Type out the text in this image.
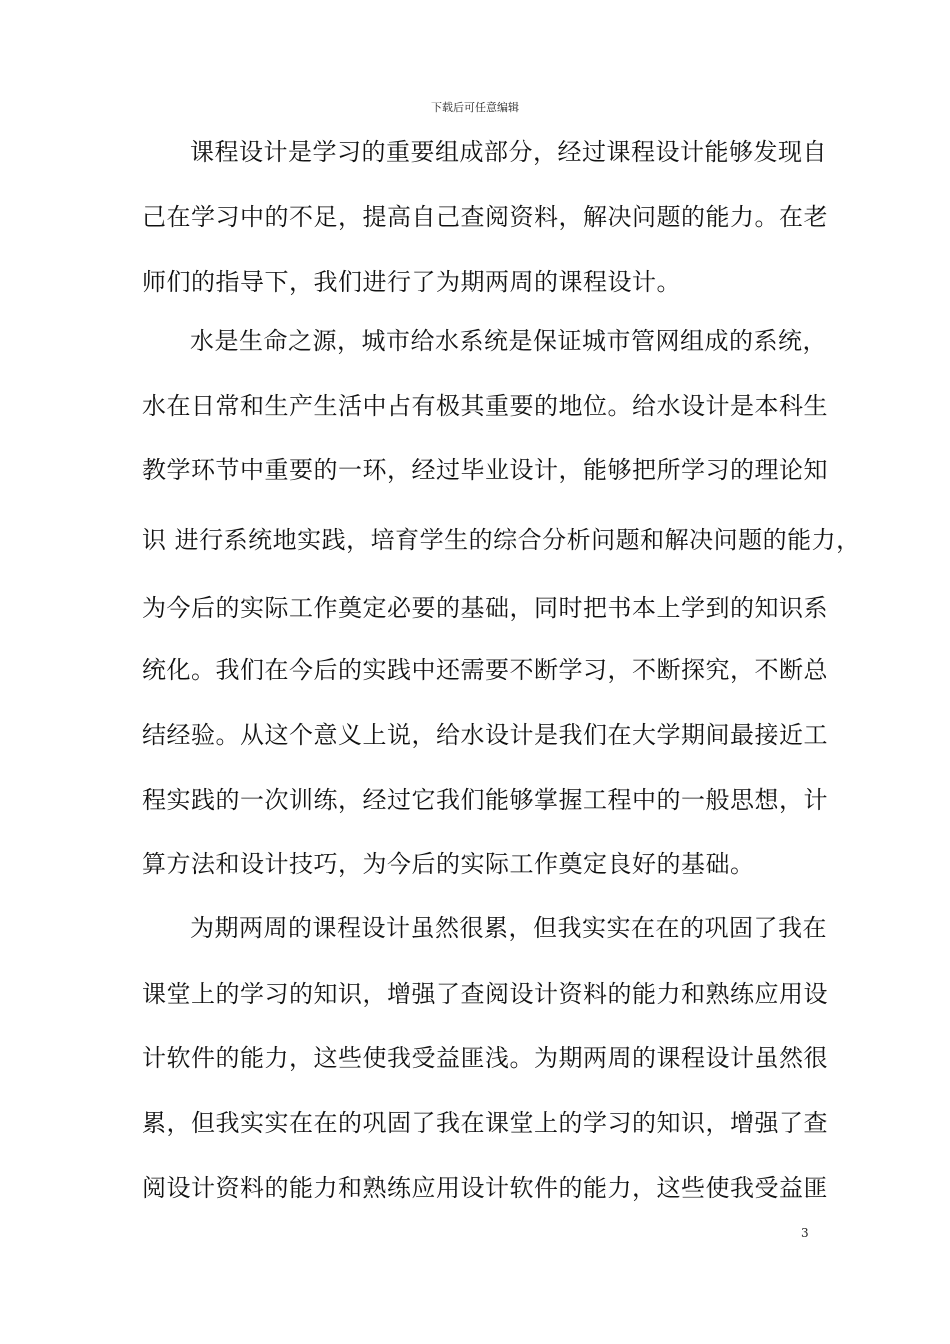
下载后可任意编辑

课程设计是学习的重要组成部分，经过课程设计能够发现自

己在学习中的不足，提高自己查阅资料，解决问题的能力。在老

师们的指导下，我们进行了为期两周的课程设计。

水是生命之源，城市给水系统是保证城市管网组成的系统，

水在日常和生产生活中占有极其重要的地位。给水设计是本科生

教学环节中重要的一环，经过毕业设计，能够把所学习的理论知

识 进行系统地实践，培育学生的综合分析问题和解决问题的能力，

为今后的实际工作奠定必要的基础，同时把书本上学到的知识系

统化。我们在今后的实践中还需要不断学习，不断探究，不断总

结经验。从这个意义上说，给水设计是我们在大学期间最接近工

程实践的一次训练，经过它我们能够掌握工程中的一般思想，计

算方法和设计技巧，为今后的实际工作奠定良好的基础。

为期两周的课程设计虽然很累，但我实实在在的巩固了我在

课堂上的学习的知识，增强了查阅设计资料的能力和熟练应用设

计软件的能力，这些使我受益匪浅。为期两周的课程设计虽然很

累，但我实实在在的巩固了我在课堂上的学习的知识，增强了查

阅设计资料的能力和熟练应用设计软件的能力，这些使我受益匪

3
